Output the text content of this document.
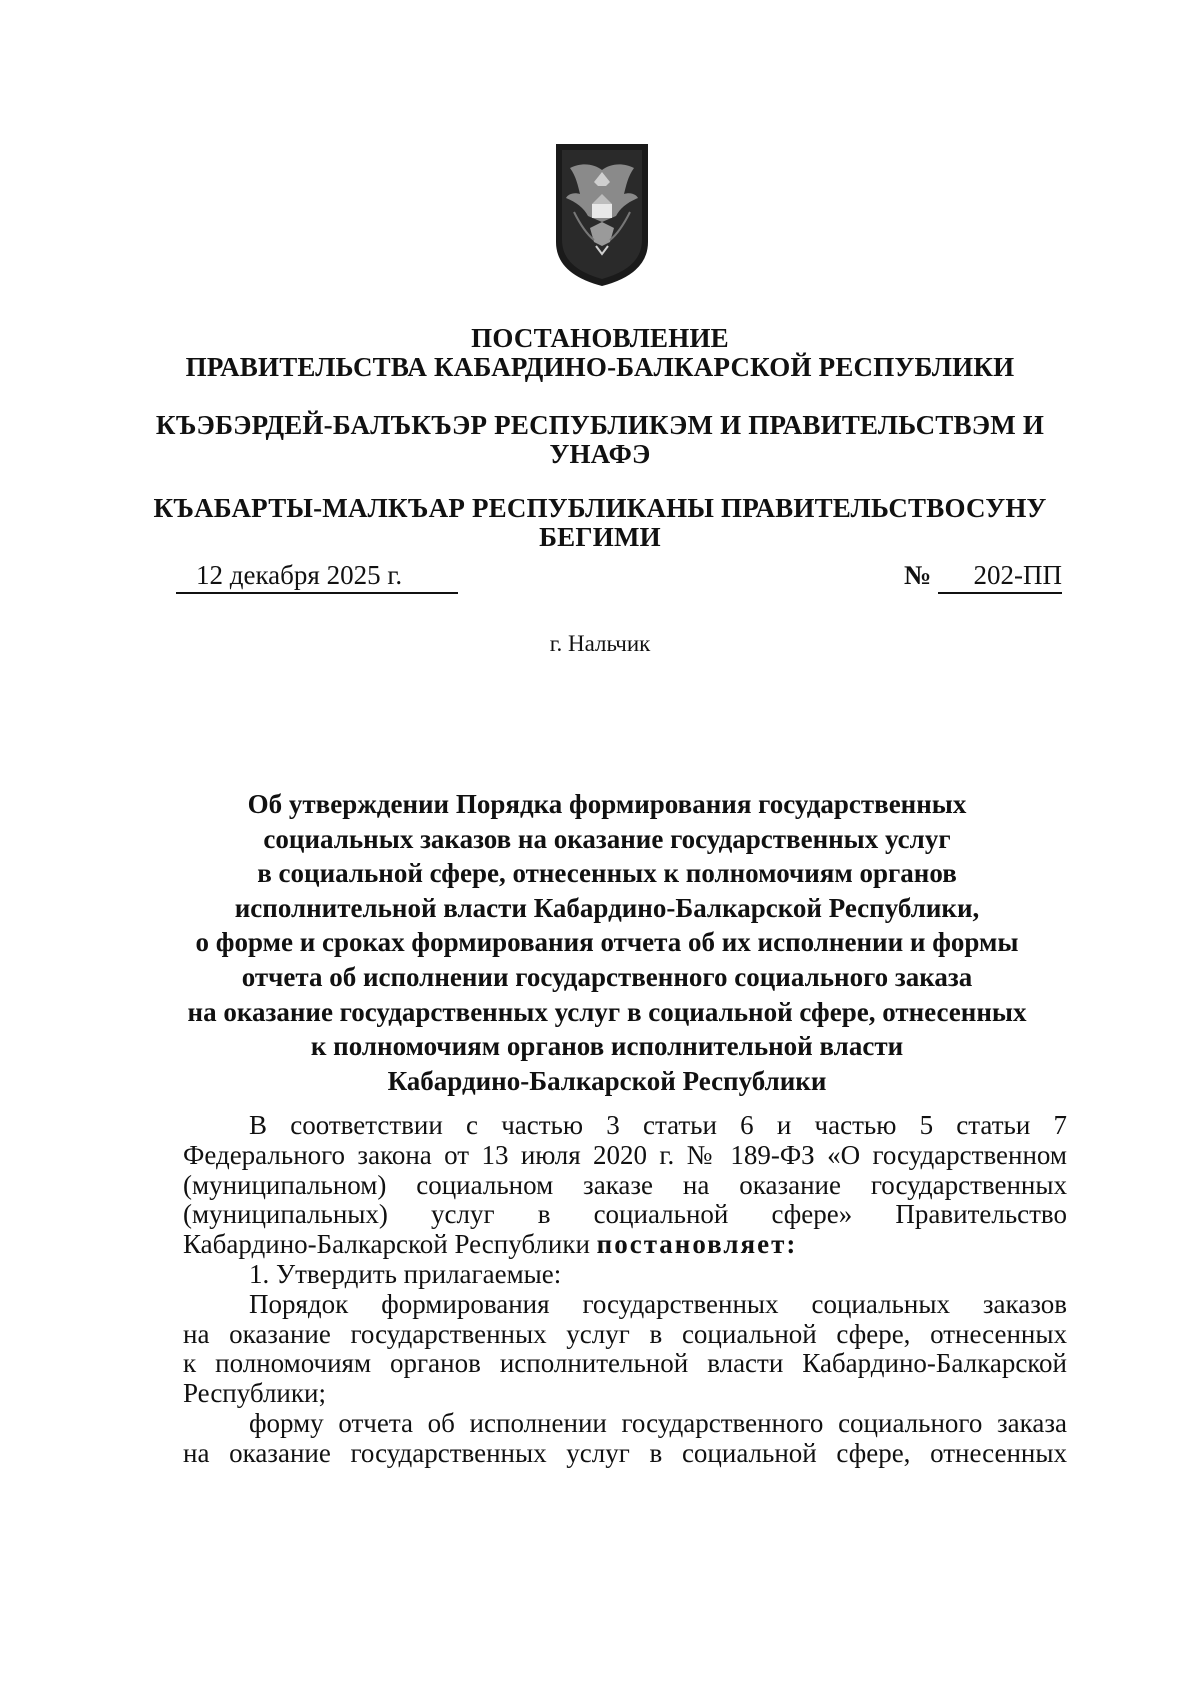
ПОСТАНОВЛЕНИЕ
ПРАВИТЕЛЬСТВА КАБАРДИНО-БАЛКАРСКОЙ РЕСПУБЛИКИ
КЪЭБЭРДЕЙ-БАЛЪКЪЭР РЕСПУБЛИКЭМ И ПРАВИТЕЛЬСТВЭМ И
УНАФЭ
КЪАБАРТЫ-МАЛКЪАР РЕСПУБЛИКАНЫ ПРАВИТЕЛЬСТВОСУНУ
БЕГИМИ
12 декабря 2025 г.	№	202-ПП
г. Нальчик
Об утверждении Порядка формирования государственных
социальных заказов на оказание государственных услуг
в социальной сфере, отнесенных к полномочиям органов
исполнительной власти Кабардино-Балкарской Республики,
о форме и сроках формирования отчета об их исполнении и формы
отчета об исполнении государственного социального заказа
на оказание государственных услуг в социальной сфере, отнесенных
к полномочиям органов исполнительной власти
Кабардино-Балкарской Республики
В соответствии с частью 3 статьи 6 и частью 5 статьи 7
Федерального закона от 13 июля 2020 г. № 189-ФЗ «О государственном
(муниципальном) социальном заказе на оказание государственных
(муниципальных) услуг в социальной сфере» Правительство
Кабардино-Балкарской Республики постановляет:
1. Утвердить прилагаемые:
Порядок формирования государственных социальных заказов
на оказание государственных услуг в социальной сфере, отнесенных
к полномочиям органов исполнительной власти Кабардино-Балкарской
Республики;
форму отчета об исполнении государственного социального заказа
на оказание государственных услуг в социальной сфере, отнесенных
